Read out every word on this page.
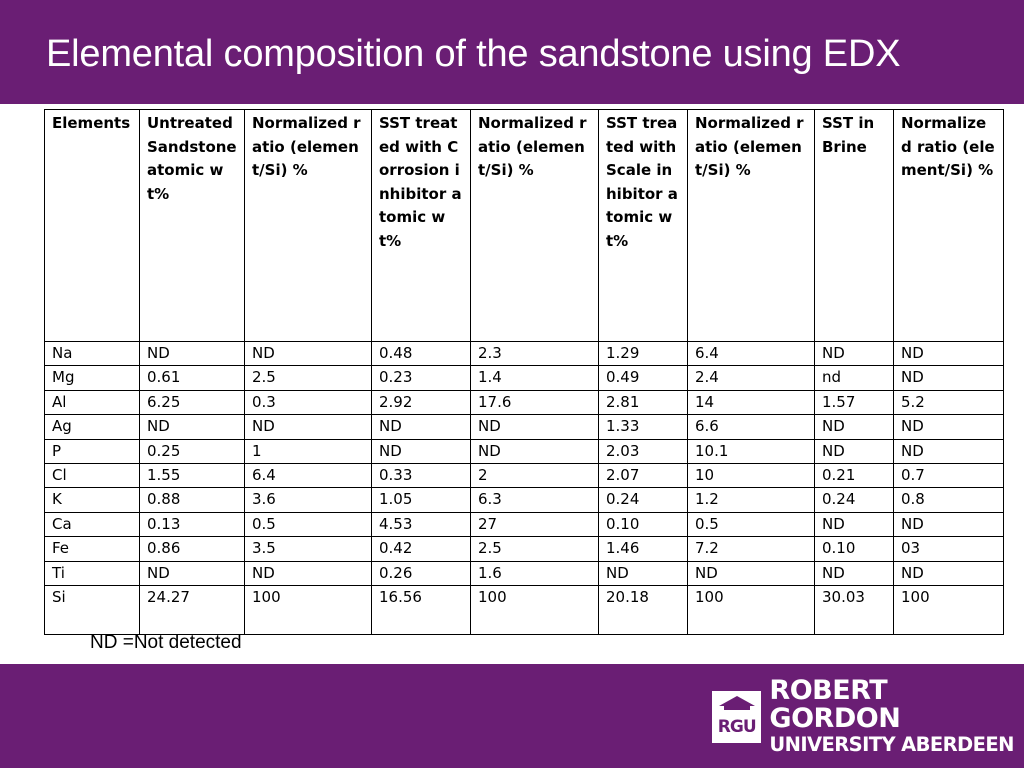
Elemental composition of the sandstone using EDX
Elements	Untreated Sandstone atomic wt%	Normalized ratio (element/Si) %	SST treated with Corrosion inhibitor atomic wt%	Normalized ratio (element/Si) %	SST treated with Scale inhibitor atomic wt%	Normalized ratio (element/Si) %	SST in Brine	Normalized ratio (element/Si) %
Na	ND	ND	0.48	2.3	1.29	6.4	ND	ND
Mg	0.61	2.5	0.23	1.4	0.49	2.4	nd	ND
Al	6.25	0.3	2.92	17.6	2.81	14	1.57	5.2
Ag	ND	ND	ND	ND	1.33	6.6	ND	ND
P	0.25	1	ND	ND	2.03	10.1	ND	ND
Cl	1.55	6.4	0.33	2	2.07	10	0.21	0.7
K	0.88	3.6	1.05	6.3	0.24	1.2	0.24	0.8
Ca	0.13	0.5	4.53	27	0.10	0.5	ND	ND
Fe	0.86	3.5	0.42	2.5	1.46	7.2	0.10	03
Ti	ND	ND	0.26	1.6	ND	ND	ND	ND
Si	24.27	100	16.56	100	20.18	100	30.03	100
ND =Not detected
RGU
ROBERT GORDON
UNIVERSITY ABERDEEN
